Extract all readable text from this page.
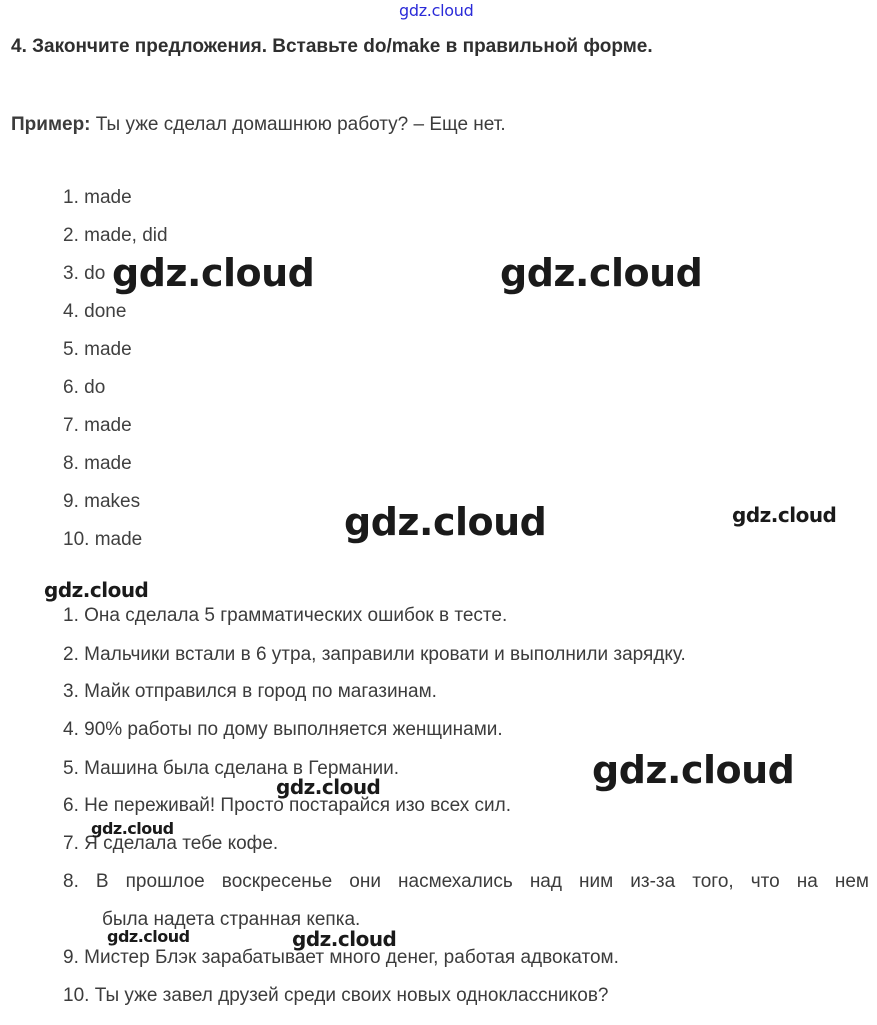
gdz.cloud
4. Закончите предложения. Вставьте do/make в правильной форме.
Пример: Ты уже сделал домашнюю работу? – Еще нет.
1. made
2. made, did
3. do
4. done
5. made
6. do
7. made
8. made
9. makes
10. made
1. Она сделала 5 грамматических ошибок в тесте.
2. Мальчики встали в 6 утра, заправили кровати и выполнили зарядку.
3. Майк отправился в город по магазинам.
4. 90% работы по дому выполняется женщинами.
5. Машина была сделана в Германии.
6. Не переживай! Просто постарайся изо всех сил.
7. Я сделала тебе кофе.
8. В прошлое воскресенье они насмехались над ним из-за того, что на нем
была надета странная кепка.
9. Мистер Блэк зарабатывает много денег, работая адвокатом.
10. Ты уже завел друзей среди своих новых одноклассников?
gdz.cloud	gdz.cloud
gdz.cloud	gdz.cloud
gdz.cloud
gdz.cloud
gdz.cloud
gdz.cloud
gdz.cloud	gdz.cloud
